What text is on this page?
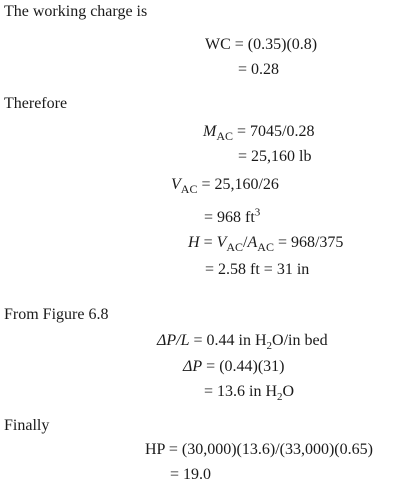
The working charge is
WC = (0.35)(0.8)
= 0.28
Therefore
$M_{AC} = 7045/0.28$
= 25,160 lb
$V_{AC} = 25,160/26$
= 968 $ft^3$
$H = V_{AC}/A_{AC} = 968/375$
= 2.58 ft = 31 in
From Figure 6.8
ΔP/L = 0.44 in $H_2O/in$ bed
ΔP = (0.44)(31)
= 13.6 in $H_2O$
Finally
HP = (30,000)(13.6)/(33,000)(0.65)
= 19.0
